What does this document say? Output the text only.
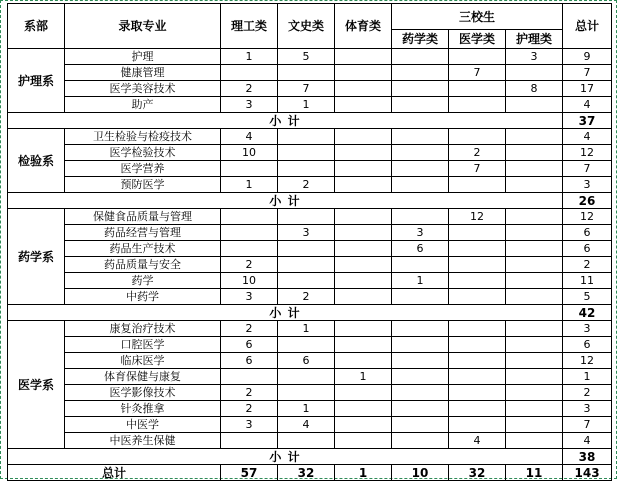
系部	录取专业	理工类	文史类	体育类	三校生			总计
					药学类	医学类	护理类	
护理系	护理	1	5				3	9
	健康管理					7		7
	医学美容技术	2	7				8	17
	助产	3	1					4
小 计								37
检验系	卫生检验与检疫技术	4						4
	医学检验技术	10				2		12
	医学营养					7		7
	预防医学	1	2					3
小 计								26
药学系	保健食品质量与管理					12		12
	药品经营与管理		3		3			6
	药品生产技术				6			6
	药品质量与安全	2						2
	药学	10			1			11
	中药学	3	2					5
小 计								42
医学系	康复治疗技术	2	1					3
	口腔医学	6						6
	临床医学	6	6					12
	体育保健与康复			1				1
	医学影像技术	2						2
	针灸推拿	2	1					3
	中医学	3	4					7
	中医养生保健					4		4
小 计								38
总计		57	32	1	10	32	11	143
